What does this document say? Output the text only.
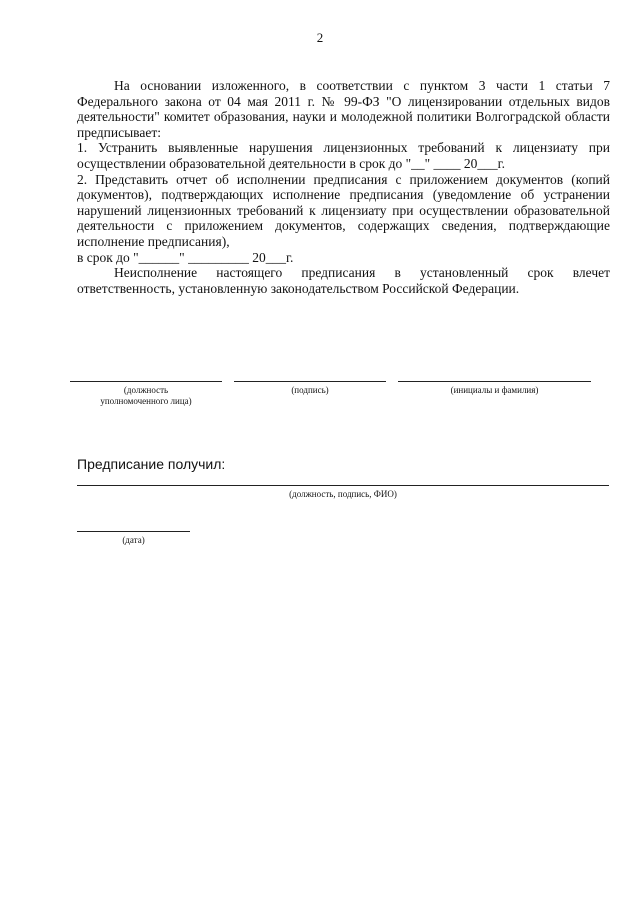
2

На основании изложенного, в соответствии с пунктом 3 части 1 статьи 7 Федерального закона от 04 мая 2011 г. № 99-ФЗ "О лицензировании отдельных видов деятельности" комитет образования, науки и молодежной политики Волгоградской области предписывает:

1. Устранить выявленные нарушения лицензионных требований к лицензиату при осуществлении образовательной деятельности в срок до "__" ____ 20___г.

2. Представить отчет об исполнении предписания с приложением документов (копий документов), подтверждающих исполнение предписания (уведомление об устранении нарушений лицензионных требований к лицензиату при осуществлении образовательной деятельности с приложением документов, содержащих сведения, подтверждающие исполнение предписания),

в срок до "______" _________ 20___г.

Неисполнение настоящего предписания в установленный срок влечет ответственность, установленную законодательством Российской Федерации.

(должность уполномоченного лица)
(подпись)	(инициалы и фамилия)
Предписание получил:
(должность, подпись, ФИО)
(дата)
